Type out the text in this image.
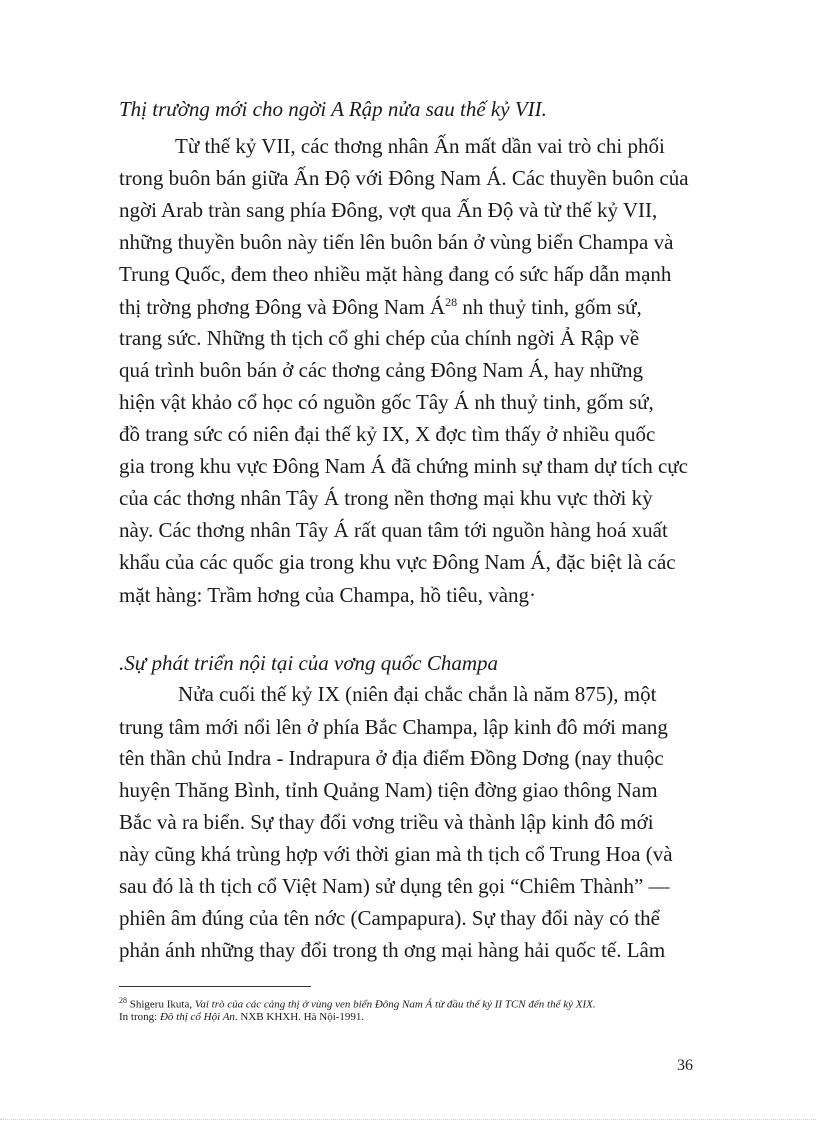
Thị trường mới cho ngời A Rập nửa sau thế kỷ VII.
Từ thế kỷ VII, các thơng nhân Ấn mất dần vai trò chi phối
trong buôn bán giữa Ấn Độ với Đông Nam Á. Các thuyền buôn của
ngời Arab tràn sang phía Đông, vợt qua Ấn Độ và từ thế kỷ VII,
những thuyền buôn này tiến lên buôn bán ở vùng biển Champa và
Trung Quốc, đem theo nhiều mặt hàng đang có sức hấp dẫn mạnh
thị trờng phơng Đông và Đông Nam $Á^{28}$ nh thuỷ tinh, gốm sứ,
trang sức. Những th tịch cổ ghi chép của chính ngời Ả Rập về
quá trình buôn bán ở các thơng cảng Đông Nam Á, hay những
hiện vật khảo cổ học có nguồn gốc Tây Á nh thuỷ tinh, gốm sứ,
đồ trang sức có niên đại thế kỷ IX, X đợc tìm thấy ở nhiều quốc
gia trong khu vực Đông Nam Á đã chứng minh sự tham dự tích cực
của các thơng nhân Tây Á trong nền thơng mại khu vực thời kỳ
này. Các thơng nhân Tây Á rất quan tâm tới nguồn hàng hoá xuất
khẩu của các quốc gia trong khu vực Đông Nam Á, đặc biệt là các
mặt hàng: Trầm hơng của Champa, hồ tiêu, vàng·
.Sự phát triển nội tại của vơng quốc Champa
Nửa cuối thế kỷ IX (niên đại chắc chắn là năm 875), một
trung tâm mới nổi lên ở phía Bắc Champa, lập kinh đô mới mang
tên thần chủ Indra - Indrapura ở địa điểm Đồng Dơng (nay thuộc
huyện Thăng Bình, tỉnh Quảng Nam) tiện đờng giao thông Nam
Bắc và ra biển. Sự thay đổi vơng triều và thành lập kinh đô mới
này cũng khá trùng hợp với thời gian mà th tịch cổ Trung Hoa (và
sau đó là th tịch cổ Việt Nam) sử dụng tên gọi “Chiêm Thành” —
phiên âm đúng của tên nớc (Campapura). Sự thay đổi này có thể
phản ánh những thay đổi trong th ơng mại hàng hải quốc tế. Lâm
$^{28}$ Shigeru Ikuta, Vai trò của các cảng thị ở vùng ven biển Đông Nam Á từ đầu thế kỷ II TCN đến thế kỷ XIX.
In trong: Đô thị cổ Hội An. NXB KHXH. Hà Nội-1991.
36
